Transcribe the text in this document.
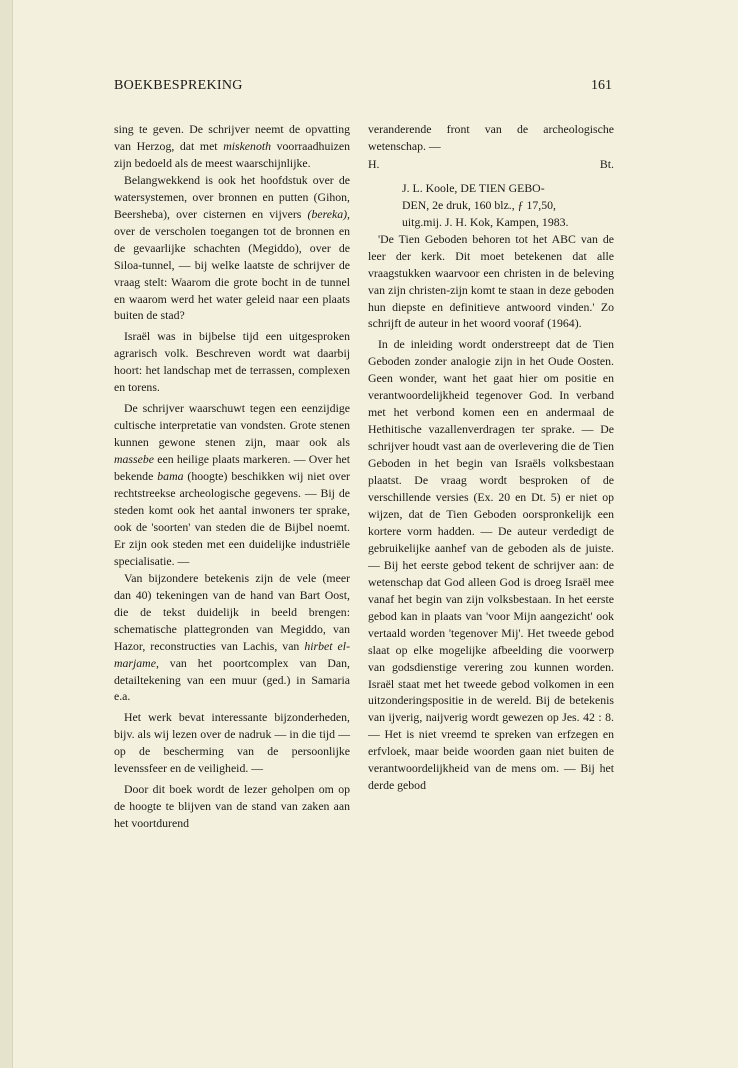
BOEKBESPREKING	161

sing te geven. De schrijver neemt de opvatting van Herzog, dat met miskenoth voorraadhuizen zijn bedoeld als de meest waarschijnlijke.

Belangwekkend is ook het hoofdstuk over de watersystemen, over bronnen en putten (Gihon, Beersheba), over cisternen en vijvers (bereka), over de verscholen toegangen tot de bronnen en de gevaarlijke schachten (Megiddo), over de Siloa-tunnel, — bij welke laatste de schrijver de vraag stelt: Waarom die grote bocht in de tunnel en waarom werd het water geleid naar een plaats buiten de stad?

Israël was in bijbelse tijd een uitgesproken agrarisch volk. Beschreven wordt wat daarbij hoort: het landschap met de terrassen, complexen en torens.

De schrijver waarschuwt tegen een eenzijdige cultische interpretatie van vondsten. Grote stenen kunnen gewone stenen zijn, maar ook als massebe een heilige plaats markeren. — Over het bekende bama (hoogte) beschikken wij niet over rechtstreekse archeologische gegevens. — Bij de steden komt ook het aantal inwoners ter sprake, ook de 'soorten' van steden die de Bijbel noemt. Er zijn ook steden met een duidelijke industriële specialisatie. —

Van bijzondere betekenis zijn de vele (meer dan 40) tekeningen van de hand van Bart Oost, die de tekst duidelijk in beeld brengen: schematische plattegronden van Megiddo, van Hazor, reconstructies van Lachis, van hirbet el-marjame, van het poortcomplex van Dan, detailtekening van een muur (ged.) in Samaria e.a.

Het werk bevat interessante bijzonderheden, bijv. als wij lezen over de nadruk — in die tijd — op de bescherming van de persoonlijke levenssfeer en de veiligheid. —

Door dit boek wordt de lezer geholpen om op de hoogte te blijven van de stand van zaken aan het voortdurend

veranderende front van de archeologische wetenschap. —

H.	Bt.

J. L. Koole, DE TIEN GEBO-
DEN, 2e druk, 160 blz., ƒ 17,50,
uitg.mij. J. H. Kok, Kampen, 1983.

'De Tien Geboden behoren tot het ABC van de leer der kerk. Dit moet betekenen dat alle vraagstukken waarvoor een christen in de beleving van zijn christen-zijn komt te staan in deze geboden hun diepste en definitieve antwoord vinden.' Zo schrijft de auteur in het woord vooraf (1964).

In de inleiding wordt onderstreept dat de Tien Geboden zonder analogie zijn in het Oude Oosten. Geen wonder, want het gaat hier om positie en verantwoordelijkheid tegenover God. In verband met het verbond komen een en andermaal de Hethitische vazallenverdragen ter sprake. — De schrijver houdt vast aan de overlevering die de Tien Geboden in het begin van Israëls volksbestaan plaatst. De vraag wordt besproken of de verschillende versies (Ex. 20 en Dt. 5) er niet op wijzen, dat de Tien Geboden oorspronkelijk een kortere vorm hadden. — De auteur verdedigt de gebruikelijke aanhef van de geboden als de juiste. — Bij het eerste gebod tekent de schrijver aan: de wetenschap dat God alleen God is droeg Israël mee vanaf het begin van zijn volksbestaan. In het eerste gebod kan in plaats van 'voor Mijn aangezicht' ook vertaald worden 'tegenover Mij'. Het tweede gebod slaat op elke mogelijke afbeelding die voorwerp van godsdienstige verering zou kunnen worden. Israël staat met het tweede gebod volkomen in een uitzonderingspositie in de wereld. Bij de betekenis van ijverig, naijverig wordt gewezen op Jes. 42 : 8. — Het is niet vreemd te spreken van erfzegen en erfvloek, maar beide woorden gaan niet buiten de verantwoordelijkheid van de mens om. — Bij het derde gebod
